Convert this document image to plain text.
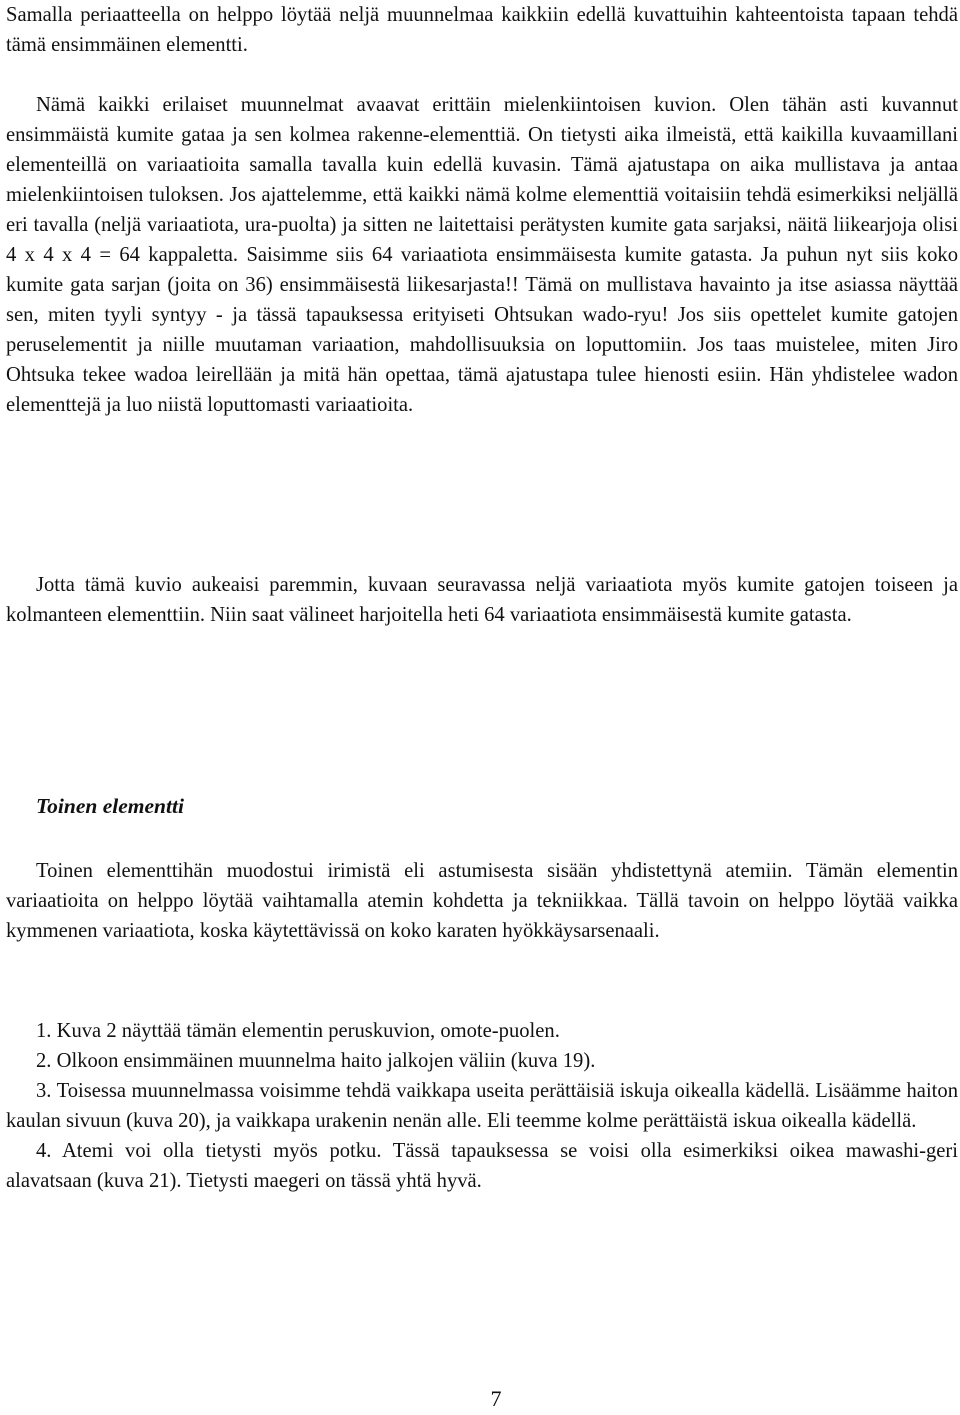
Samalla periaatteella on helppo löytää neljä muunnelmaa kaikkiin edellä kuvattuihin kahteentoista tapaan tehdä tämä ensimmäinen elementti.

Nämä kaikki erilaiset muunnelmat avaavat erittäin mielenkiintoisen kuvion. Olen tähän asti kuvannut ensimmäistä kumite gataa ja sen kolmea rakenne-elementtiä. On tietysti aika ilmeistä, että kaikilla kuvaamillani elementeillä on variaatioita samalla tavalla kuin edellä kuvasin. Tämä ajatustapa on aika mullistava ja antaa mielenkiintoisen tuloksen. Jos ajattelemme, että kaikki nämä kolme elementtiä voitaisiin tehdä esimerkiksi neljällä eri tavalla (neljä variaatiota, ura-puolta) ja sitten ne laitettaisi perätysten kumite gata sarjaksi, näitä liikearjoja olisi 4 x 4 x 4 = 64 kappaletta. Saisimme siis 64 variaatiota ensimmäisesta kumite gatasta. Ja puhun nyt siis koko kumite gata sarjan (joita on 36) ensimmäisestä liikesarjasta!! Tämä on mullistava havainto ja itse asiassa näyttää sen, miten tyyli syntyy - ja tässä tapauksessa erityiseti Ohtsukan wado-ryu! Jos siis opettelet kumite gatojen peruselementit ja niille muutaman variaation, mahdollisuuksia on loputtomiin. Jos taas muistelee, miten Jiro Ohtsuka tekee wadoa leirellään ja mitä hän opettaa, tämä ajatustapa tulee hienosti esiin. Hän yhdistelee wadon elementtejä ja luo niistä loputtomasti variaatioita.

Jotta tämä kuvio aukeaisi paremmin, kuvaan seuravassa neljä variaatiota myös kumite gatojen toiseen ja kolmanteen elementtiin. Niin saat välineet harjoitella heti 64 variaatiota ensimmäisestä kumite gatasta.

Toinen elementti

Toinen elementtihän muodostui irimistä eli astumisesta sisään yhdistettynä atemiin. Tämän elementin variaatioita on helppo löytää vaihtamalla atemin kohdetta ja tekniikkaa. Tällä tavoin on helppo löytää vaikka kymmenen variaatiota, koska käytettävissä on koko karaten hyökkäysarsenaali.

1. Kuva 2 näyttää tämän elementin peruskuvion, omote-puolen.
2. Olkoon ensimmäinen muunnelma haito jalkojen väliin (kuva 19).
3. Toisessa muunnelmassa voisimme tehdä vaikkapa useita perättäisiä iskuja oikealla kädellä. Lisäämme haiton kaulan sivuun (kuva 20), ja vaikkapa urakenin nenän alle. Eli teemme kolme perättäistä iskua oikealla kädellä.
4. Atemi voi olla tietysti myös potku. Tässä tapauksessa se voisi olla esimerkiksi oikea mawashi-geri alavatsaan (kuva 21). Tietysti maegeri on tässä yhtä hyvä.

7
